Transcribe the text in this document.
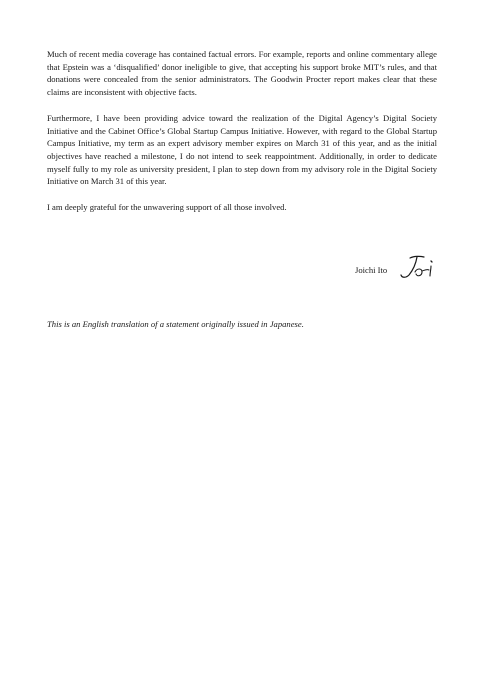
Much of recent media coverage has contained factual errors. For example, reports and online commentary allege that Epstein was a ‘disqualified’ donor ineligible to give, that accepting his support broke MIT’s rules, and that donations were concealed from the senior administrators. The Goodwin Procter report makes clear that these claims are inconsistent with objective facts.

Furthermore, I have been providing advice toward the realization of the Digital Agency’s Digital Society Initiative and the Cabinet Office’s Global Startup Campus Initiative. However, with regard to the Global Startup Campus Initiative, my term as an expert advisory member expires on March 31 of this year, and as the initial objectives have reached a milestone, I do not intend to seek reappointment. Additionally, in order to dedicate myself fully to my role as university president, I plan to step down from my advisory role in the Digital Society Initiative on March 31 of this year.

I am deeply grateful for the unwavering support of all those involved.

Joichi Ito

This is an English translation of a statement originally issued in Japanese.
